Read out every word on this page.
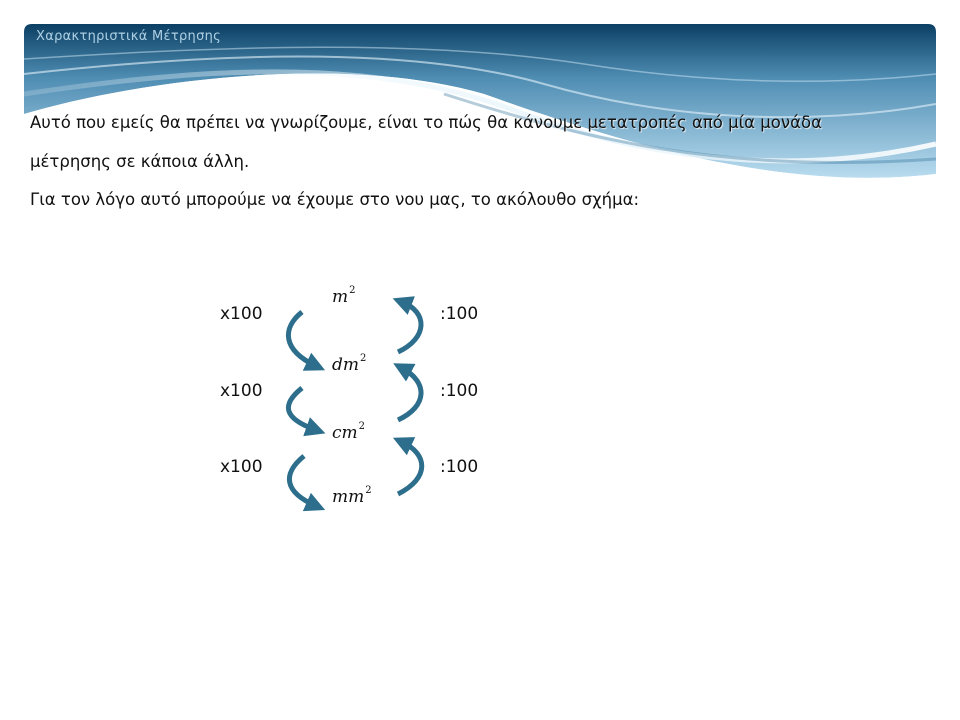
Χαρακτηριστικά Μέτρησης
Αυτό που εμείς θα πρέπει να γνωρίζουμε, είναι το πώς θα κάνουμε μετατροπές από μία μονάδα
μέτρησης σε κάποια άλλη.
Για τον λόγο αυτό μπορούμε να έχουμε στο νου μας, το ακόλουθο σχήμα:
x100
x100
x100
:100
:100
:100
$m^2$
$dm^2$
$cm^2$
$mm^2$
